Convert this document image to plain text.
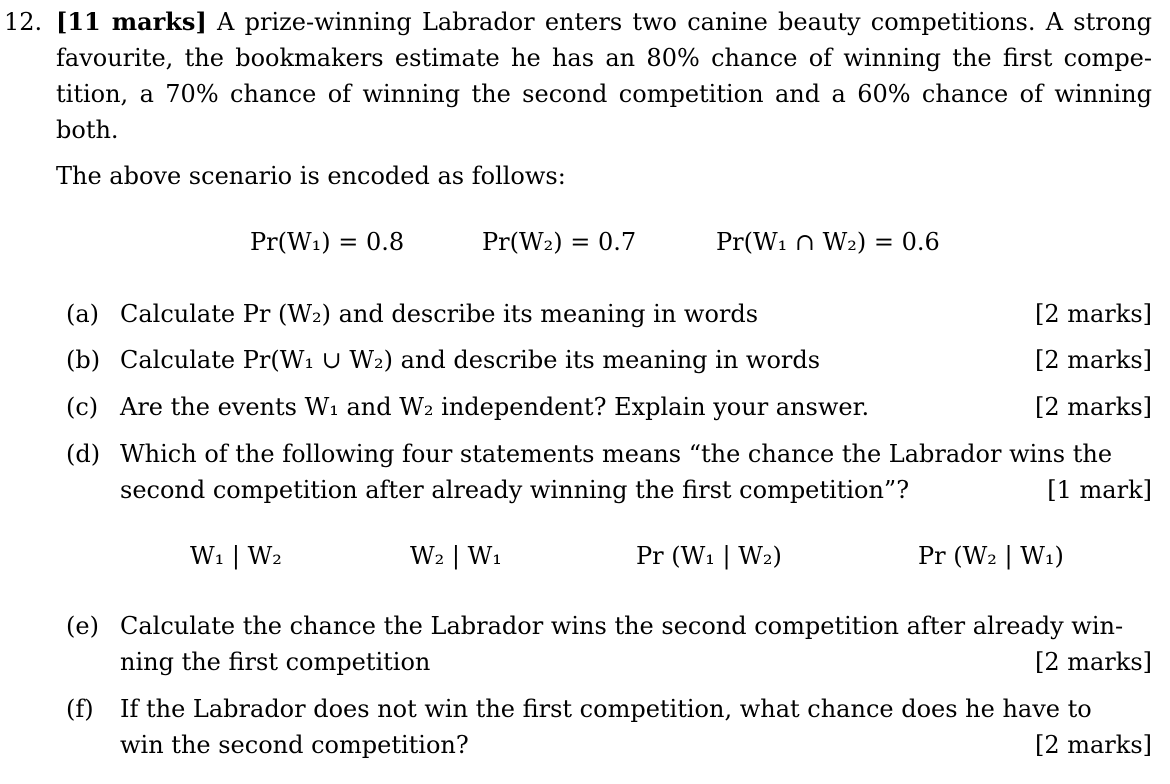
12. [11 marks] A prize-winning Labrador enters two canine beauty competitions. A strong favourite, the bookmakers estimate he has an 80% chance of winning the first compe-tition, a 70% chance of winning the second competition and a 60% chance of winning both.
The above scenario is encoded as follows:
Pr(W₁) = 0.8	Pr(W₂) = 0.7	Pr(W₁ ∩ W₂) = 0.6
(a) Calculate Pr (W₂) and describe its meaning in words	[2 marks]
(b) Calculate Pr(W₁ ∪ W₂) and describe its meaning in words	[2 marks]
(c) Are the events W₁ and W₂ independent? Explain your answer.	[2 marks]
(d) Which of the following four statements means “the chance the Labrador wins the
second competition after already winning the first competition”?	[1 mark]
W₁ | W₂	W₂ | W₁	Pr (W₁ | W₂)	Pr (W₂ | W₁)
(e) Calculate the chance the Labrador wins the second competition after already win-
ning the first competition	[2 marks]
(f)	If the Labrador does not win the first competition, what chance does he have to
win the second competition?	[2 marks]
